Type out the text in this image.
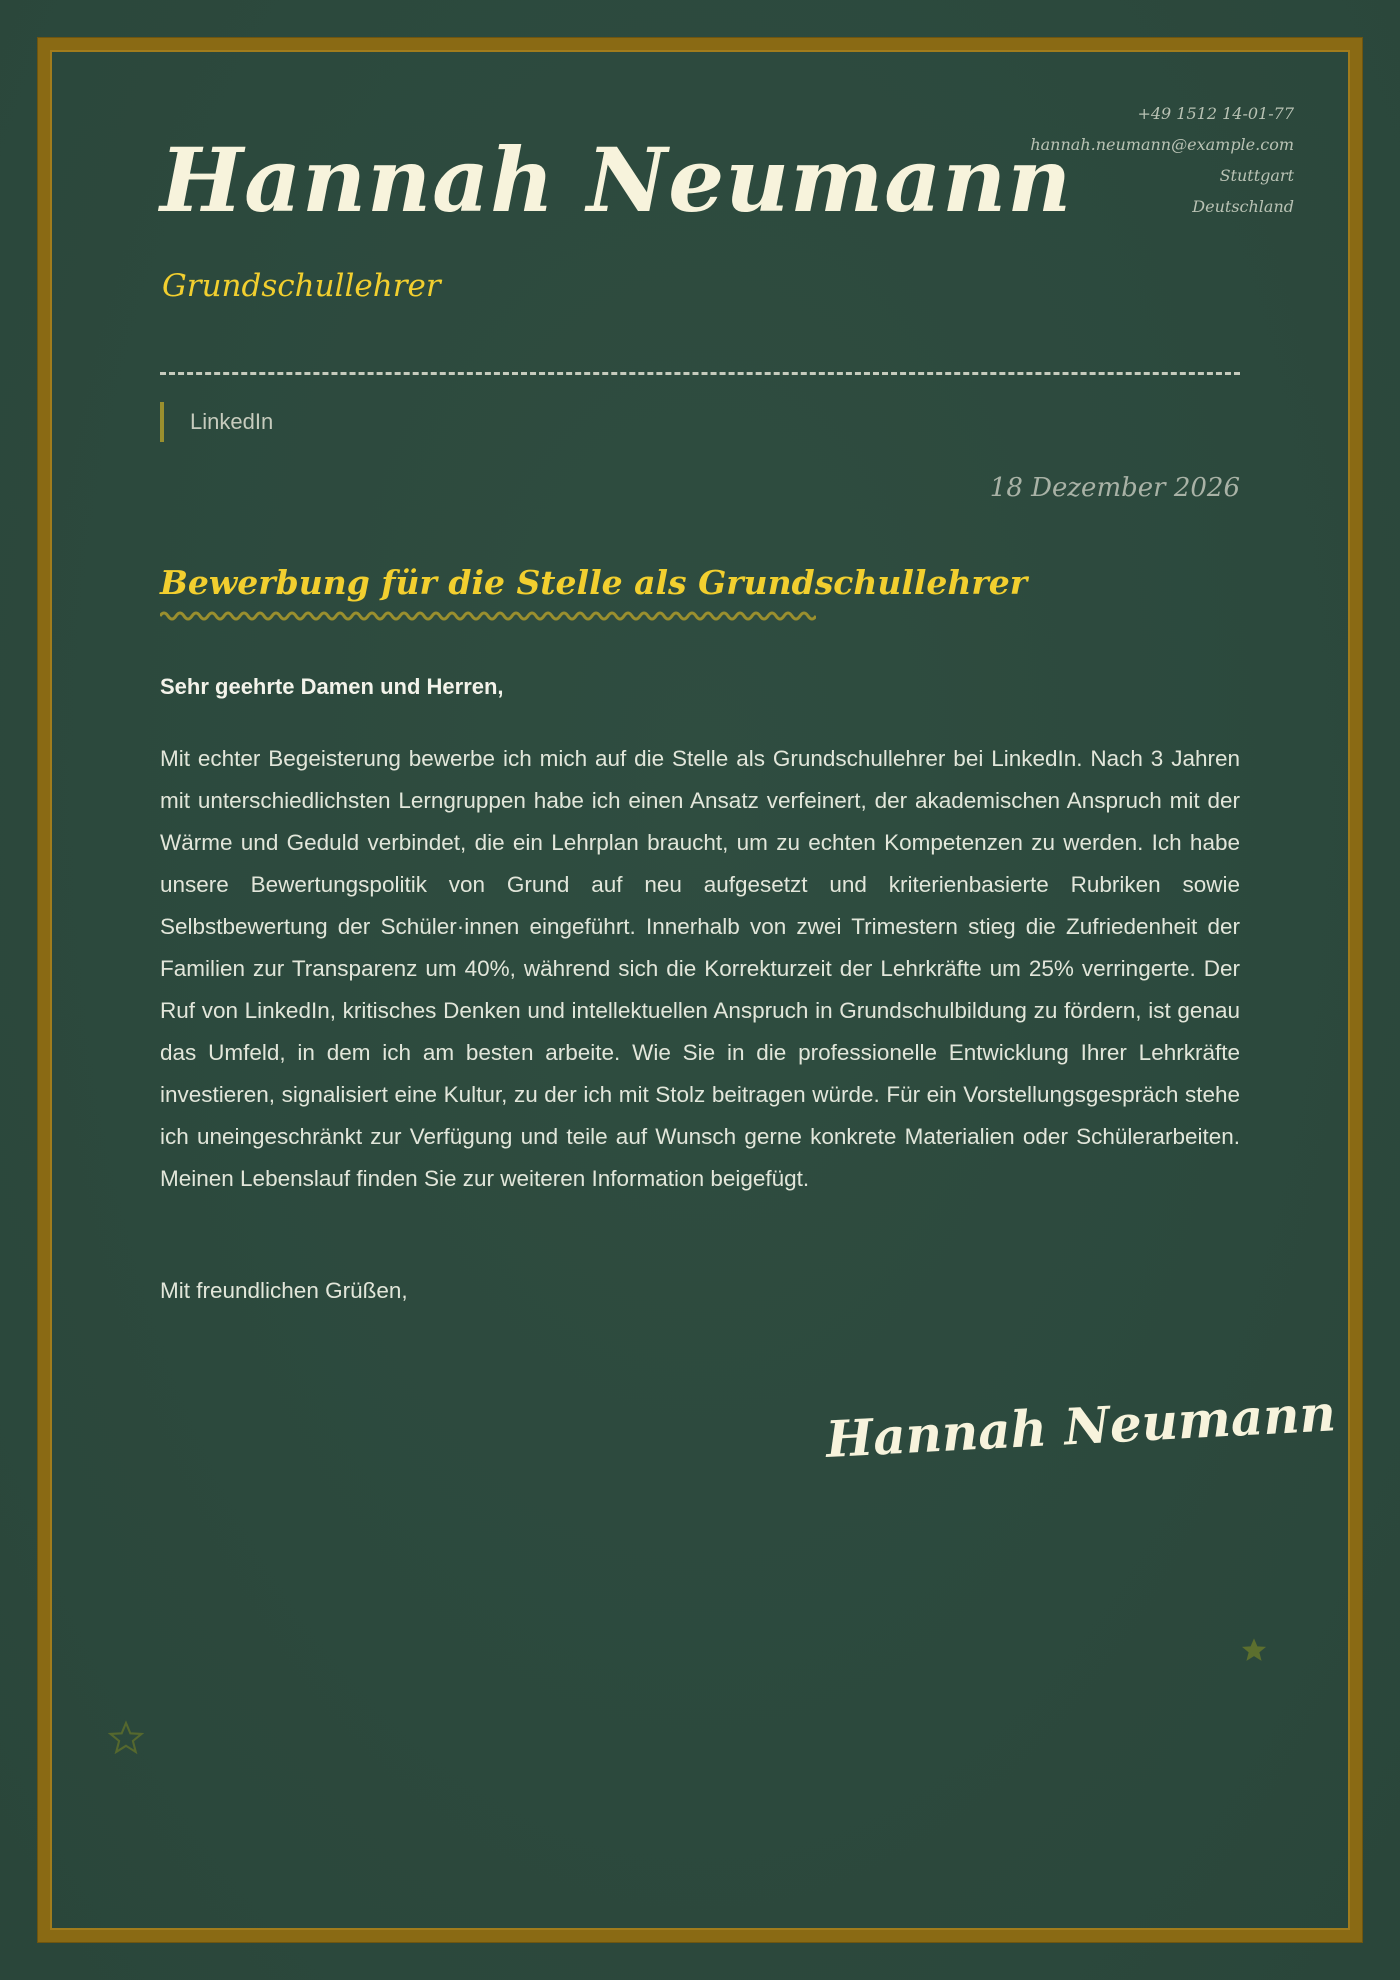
Hannah Neumann
Grundschullehrer
+49 1512 14-01-77
hannah.neumann@example.com
Stuttgart
Deutschland
LinkedIn
18 Dezember 2026
Bewerbung für die Stelle als Grundschullehrer
Sehr geehrte Damen und Herren,
Mit echter Begeisterung bewerbe ich mich auf die Stelle als Grundschullehrer bei LinkedIn. Nach 3 Jahren mit unterschiedlichsten Lerngruppen habe ich einen Ansatz verfeinert, der akademischen Anspruch mit der Wärme und Geduld verbindet, die ein Lehrplan braucht, um zu echten Kompetenzen zu werden. Ich habe unsere Bewertungspolitik von Grund auf neu aufgesetzt und kriterienbasierte Rubriken sowie Selbstbewertung der Schüler·innen eingeführt. Innerhalb von zwei Trimestern stieg die Zufriedenheit der Familien zur Transparenz um 40%, während sich die Korrekturzeit der Lehrkräfte um 25% verringerte. Der Ruf von LinkedIn, kritisches Denken und intellektuellen Anspruch in Grundschulbildung zu fördern, ist genau das Umfeld, in dem ich am besten arbeite. Wie Sie in die professionelle Entwicklung Ihrer Lehrkräfte investieren, signalisiert eine Kultur, zu der ich mit Stolz beitragen würde. Für ein Vorstellungsgespräch stehe ich uneingeschränkt zur Verfügung und teile auf Wunsch gerne konkrete Materialien oder Schülerarbeiten. Meinen Lebenslauf finden Sie zur weiteren Information beigefügt.
Mit freundlichen Grüßen,
Hannah Neumann
